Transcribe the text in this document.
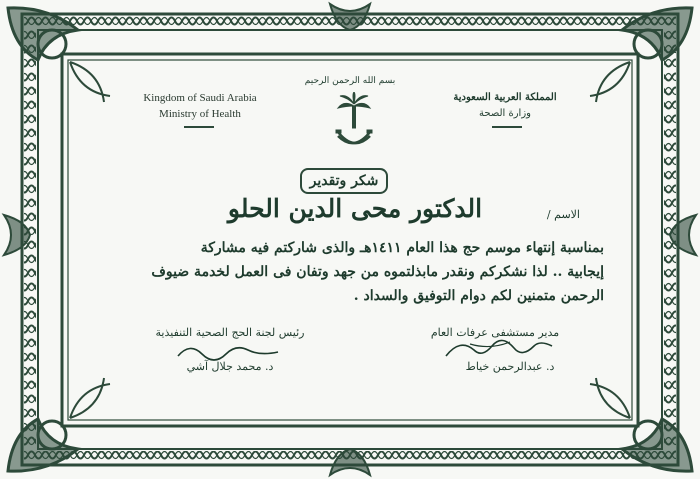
بسم الله الرحمن الرحيم
Kingdom of Saudi Arabia
Ministry of Health
المملكة العربية السعودية
وزارة الصحة
شكر وتقدير
الاسم /
الدكتور محى الدين الحلو
بمناسبة إنتهاء موسم حج هذا العام ١٤١١هـ والذى شاركتم فيه مشاركة
إيجابية .. لذا نشكركم ونقدر مابذلتموه من جهد وتفان فى العمل لخدمة ضيوف
الرحمن متمنين لكم دوام التوفيق والسداد .
رئيس لجنة الحج الصحية التنفيذية
د. محمد جلال آشي
مدير مستشفى عرفات العام
د. عبدالرحمن خياط
